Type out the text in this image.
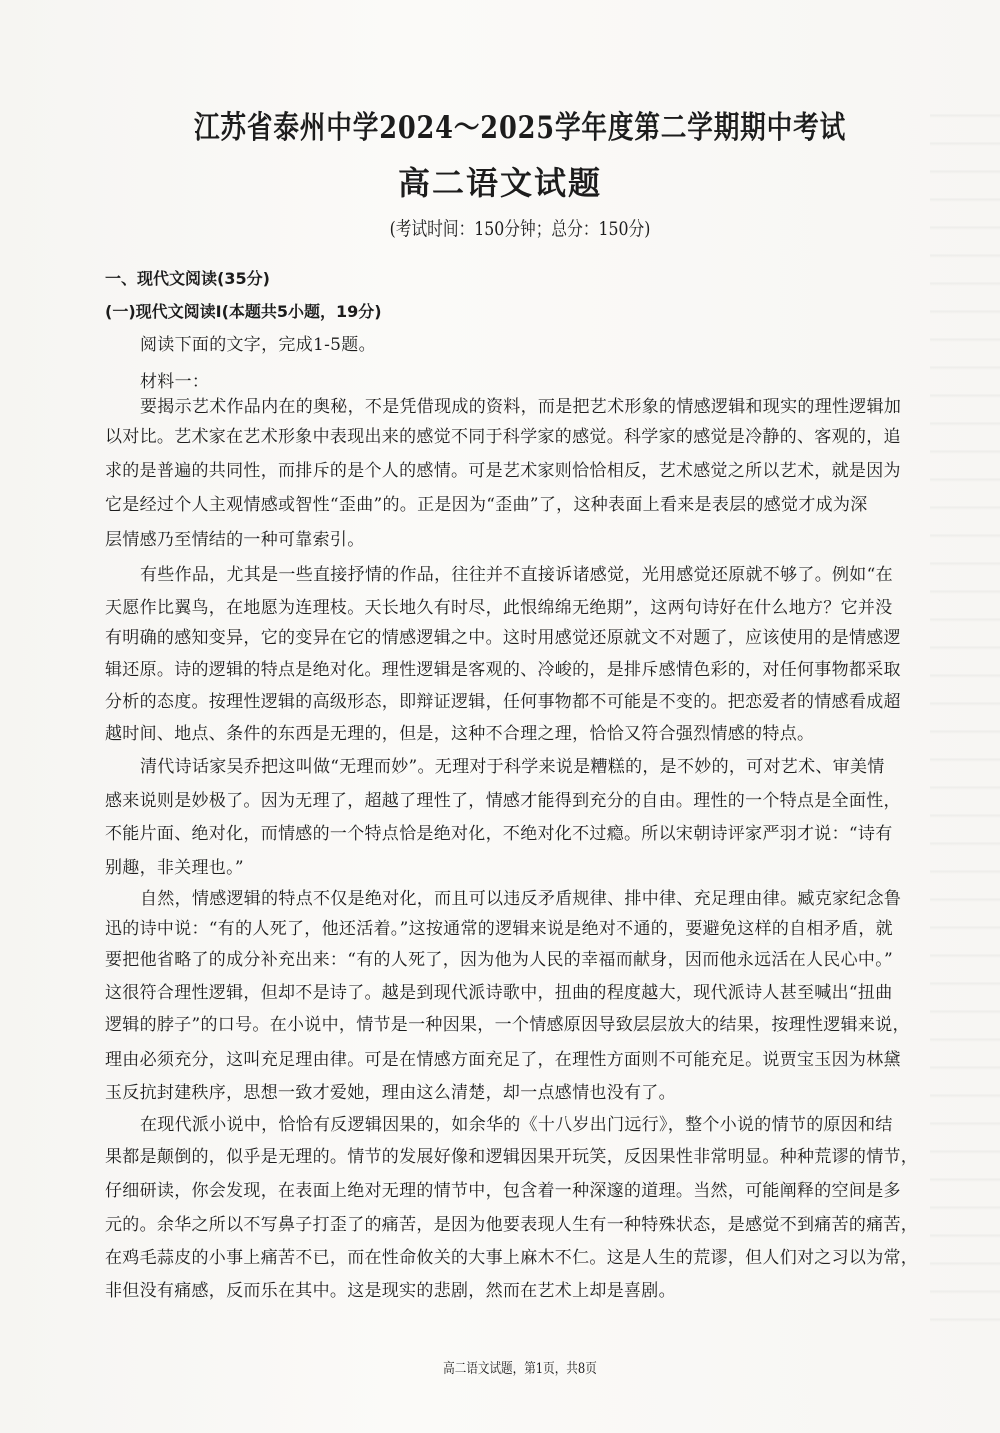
江苏省泰州中学2024～2025学年度第二学期期中考试
高二语文试题
(考试时间：150分钟；总分：150分)
一、现代文阅读(35分)
(一)现代文阅读Ⅰ(本题共5小题，19分)
阅读下面的文字，完成1-5题。
材料一：
要揭示艺术作品内在的奥秘，不是凭借现成的资料，而是把艺术形象的情感逻辑和现实的理性逻辑加
以对比。艺术家在艺术形象中表现出来的感觉不同于科学家的感觉。科学家的感觉是冷静的、客观的，追
求的是普遍的共同性，而排斥的是个人的感情。可是艺术家则恰恰相反，艺术感觉之所以艺术，就是因为
它是经过个人主观情感或智性“歪曲”的。正是因为“歪曲”了，这种表面上看来是表层的感觉才成为深
层情感乃至情结的一种可靠索引。
有些作品，尤其是一些直接抒情的作品，往往并不直接诉诸感觉，光用感觉还原就不够了。例如“在
天愿作比翼鸟，在地愿为连理枝。天长地久有时尽，此恨绵绵无绝期”，这两句诗好在什么地方？它并没
有明确的感知变异，它的变异在它的情感逻辑之中。这时用感觉还原就文不对题了，应该使用的是情感逻
辑还原。诗的逻辑的特点是绝对化。理性逻辑是客观的、冷峻的，是排斥感情色彩的，对任何事物都采取
分析的态度。按理性逻辑的高级形态，即辩证逻辑，任何事物都不可能是不变的。把恋爱者的情感看成超
越时间、地点、条件的东西是无理的，但是，这种不合理之理，恰恰又符合强烈情感的特点。
清代诗话家吴乔把这叫做“无理而妙”。无理对于科学来说是糟糕的，是不妙的，可对艺术、审美情
感来说则是妙极了。因为无理了，超越了理性了，情感才能得到充分的自由。理性的一个特点是全面性，
不能片面、绝对化，而情感的一个特点恰是绝对化，不绝对化不过瘾。所以宋朝诗评家严羽才说：“诗有
别趣，非关理也。”
自然，情感逻辑的特点不仅是绝对化，而且可以违反矛盾规律、排中律、充足理由律。臧克家纪念鲁
迅的诗中说：“有的人死了，他还活着。”这按通常的逻辑来说是绝对不通的，要避免这样的自相矛盾，就
要把他省略了的成分补充出来：“有的人死了，因为他为人民的幸福而献身，因而他永远活在人民心中。”
这很符合理性逻辑，但却不是诗了。越是到现代派诗歌中，扭曲的程度越大，现代派诗人甚至喊出“扭曲
逻辑的脖子”的口号。在小说中，情节是一种因果，一个情感原因导致层层放大的结果，按理性逻辑来说，
理由必须充分，这叫充足理由律。可是在情感方面充足了，在理性方面则不可能充足。说贾宝玉因为林黛
玉反抗封建秩序，思想一致才爱她，理由这么清楚，却一点感情也没有了。
在现代派小说中，恰恰有反逻辑因果的，如余华的《十八岁出门远行》，整个小说的情节的原因和结
果都是颠倒的，似乎是无理的。情节的发展好像和逻辑因果开玩笑，反因果性非常明显。种种荒谬的情节，
仔细研读，你会发现，在表面上绝对无理的情节中，包含着一种深邃的道理。当然，可能阐释的空间是多
元的。余华之所以不写鼻子打歪了的痛苦，是因为他要表现人生有一种特殊状态，是感觉不到痛苦的痛苦，
在鸡毛蒜皮的小事上痛苦不已，而在性命攸关的大事上麻木不仁。这是人生的荒谬，但人们对之习以为常，
非但没有痛感，反而乐在其中。这是现实的悲剧，然而在艺术上却是喜剧。
高二语文试题，第1页，共8页
